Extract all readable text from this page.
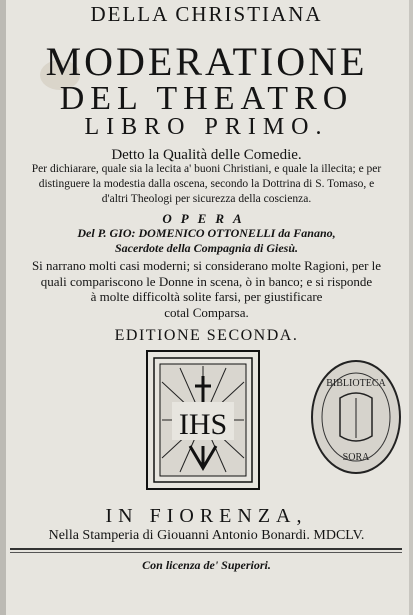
DELLA CHRISTIANA
MODERATIONE
DEL THEATRO
LIBRO PRIMO.
Detto la Qualità delle Comedie.
Per dichiarare, quale sia la lecita a' buoni Christiani, e quale la illecita; e per
distinguere la modestia dalla oscena, secondo la Dottrina di S. Tomaso, e
d'altri Theologi per sicurezza della coscienza.
OPERA
Del P. GIO: DOMENICO OTTONELLI da Fanano,
Sacerdote della Compagnia di Giesù.
Si narrano molti casi moderni; si considerano molte Ragioni, per le
quali compariscono le Donne in scena, ò in banco; e si risponde
à molte difficoltà solite farsi, per giustificare
cotal Comparsa.
EDITIONE SECONDA.
IHS
BIBLIOTECA
SORA
IN FIORENZA,
Nella Stamperia di Giouanni Antonio Bonardi. MDCLV.
Con licenza de' Superiori.
